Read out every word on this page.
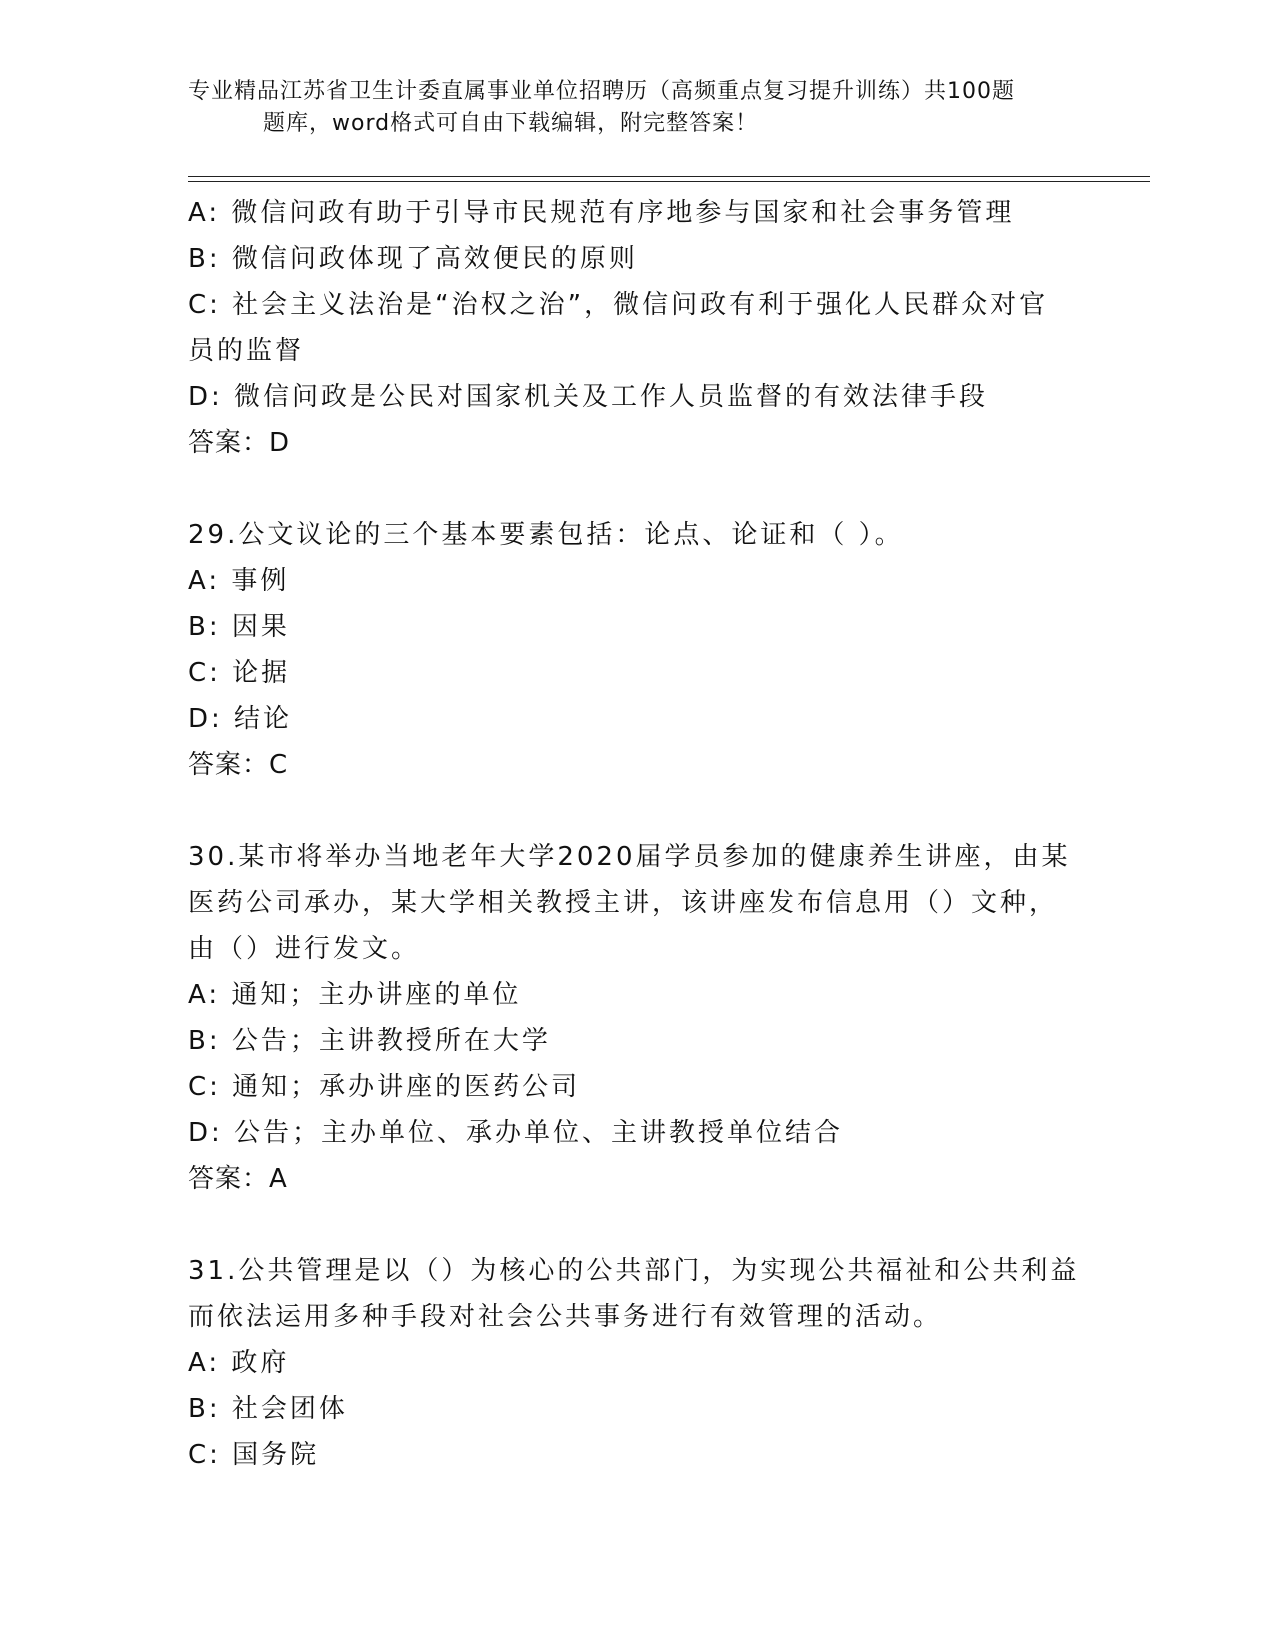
专业精品江苏省卫生计委直属事业单位招聘历（高频重点复习提升训练）共100题
题库，word格式可自由下载编辑，附完整答案！
A: 微信问政有助于引导市民规范有序地参与国家和社会事务管理
B: 微信问政体现了高效便民的原则
C: 社会主义法治是“治权之治”，微信问政有利于强化人民群众对官
员的监督
D: 微信问政是公民对国家机关及工作人员监督的有效法律手段
答案：D
29.公文议论的三个基本要素包括：论点、论证和（ ）。
A: 事例
B: 因果
C: 论据
D: 结论
答案：C
30.某市将举办当地老年大学2020届学员参加的健康养生讲座，由某
医药公司承办，某大学相关教授主讲，该讲座发布信息用（）文种，
由（）进行发文。
A: 通知；主办讲座的单位
B: 公告；主讲教授所在大学
C: 通知；承办讲座的医药公司
D: 公告；主办单位、承办单位、主讲教授单位结合
答案：A
31.公共管理是以（）为核心的公共部门，为实现公共福祉和公共利益
而依法运用多种手段对社会公共事务进行有效管理的活动。
A: 政府
B: 社会团体
C: 国务院
